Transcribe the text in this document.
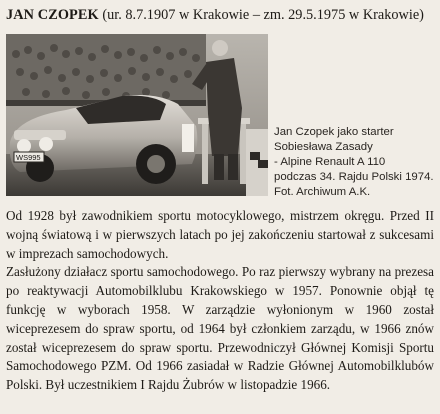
JAN CZOPEK (ur. 8.7.1907 w Krakowie – zm. 29.5.1975 w Krakowie)
WS995
Jan Czopek jako starter
Sobiesława Zasady
- Alpine Renault A 110
podczas 34. Rajdu Polski 1974.
Fot. Archiwum A.K.

Od 1928 był zawodnikiem sportu motocyklowego, mistrzem okręgu. Przed II wojną światową i w pierwszych latach po jej zakończeniu startował z sukcesami w imprezach samochodowych.

Zasłużony działacz sportu samochodowego. Po raz pierwszy wybrany na prezesa po reaktywacji Automobilklubu Krakowskiego w 1957. Ponownie objął tę funkcję w wyborach 1958. W zarządzie wyłonionym w 1960 został wiceprezesem do spraw sportu, od 1964 był członkiem zarządu, w 1966 znów został wiceprezesem do spraw sportu. Przewodniczył Głównej Komisji Sportu Samochodowego PZM. Od 1966 zasiadał w Radzie Głównej Automobilklubów Polski. Był uczestnikiem I Rajdu Żubrów w listopadzie 1966.
